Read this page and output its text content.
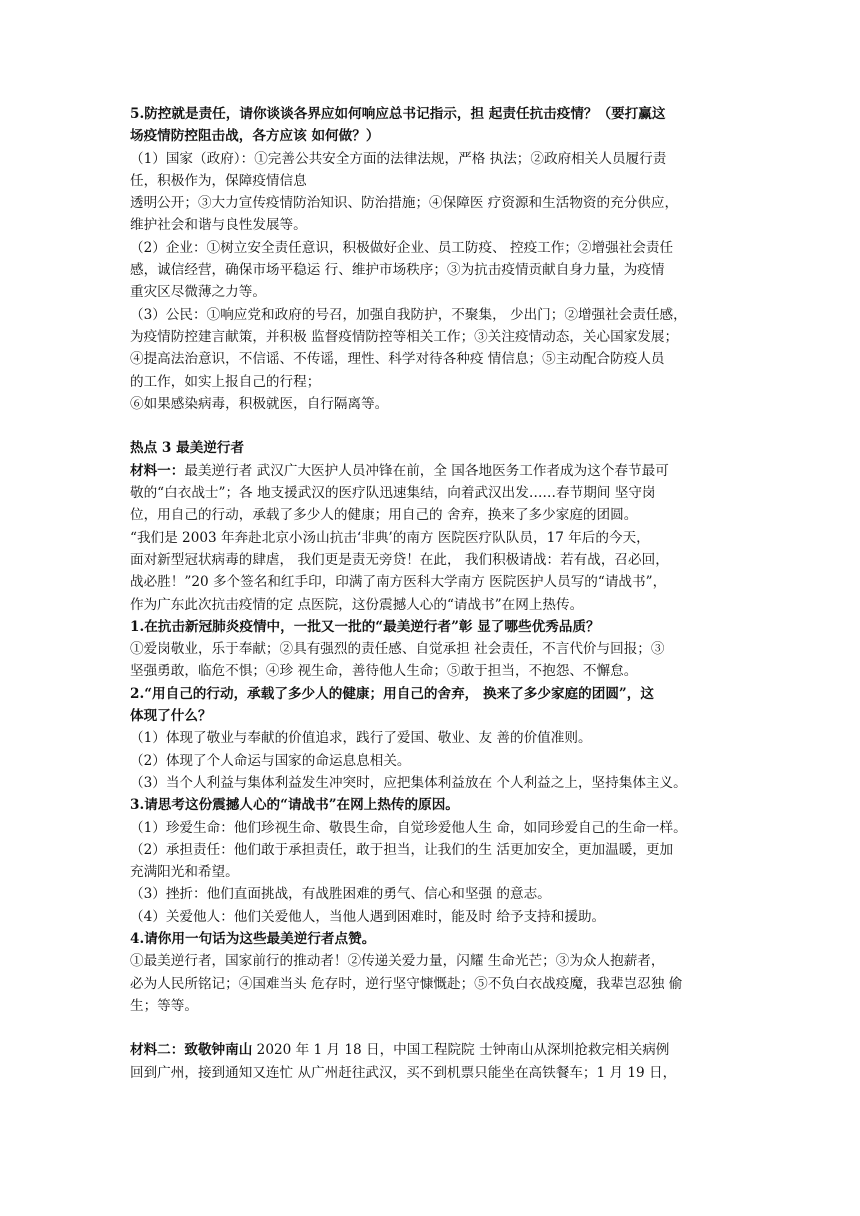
5.防控就是责任，请你谈谈各界应如何响应总书记指示，担 起责任抗击疫情？（要打赢这
场疫情防控阻击战，各方应该 如何做？）
（1）国家（政府）：①完善公共安全方面的法律法规，严格 执法；②政府相关人员履行责
任，积极作为，保障疫情信息
透明公开；③大力宣传疫情防治知识、防治措施；④保障医 疗资源和生活物资的充分供应，
维护社会和谐与良性发展等。
（2）企业：①树立安全责任意识，积极做好企业、员工防疫、 控疫工作；②增强社会责任
感，诚信经营，确保市场平稳运 行、维护市场秩序；③为抗击疫情贡献自身力量，为疫情
重灾区尽微薄之力等。
（3）公民：①响应党和政府的号召，加强自我防护，不聚集， 少出门；②增强社会责任感，
为疫情防控建言献策，并积极 监督疫情防控等相关工作；③关注疫情动态，关心国家发展；
④提高法治意识，不信谣、不传谣，理性、科学对待各种疫 情信息；⑤主动配合防疫人员
的工作，如实上报自己的行程；
⑥如果感染病毒，积极就医，自行隔离等。
热点 3 最美逆行者
材料一：最美逆行者 武汉广大医护人员冲锋在前，全 国各地医务工作者成为这个春节最可
敬的“白衣战士”；各 地支援武汉的医疗队迅速集结，向着武汉出发……春节期间 坚守岗
位，用自己的行动，承载了多少人的健康；用自己的 舍弃，换来了多少家庭的团圆。
“我们是 2003 年奔赴北京小汤山抗击‘非典’的南方 医院医疗队队员，17 年后的今天，
面对新型冠状病毒的肆虐， 我们更是责无旁贷！在此， 我们积极请战：若有战，召必回，
战必胜！”20 多个签名和红手印，印满了南方医科大学南方 医院医护人员写的“请战书”，
作为广东此次抗击疫情的定 点医院，这份震撼人心的“请战书”在网上热传。
1.在抗击新冠肺炎疫情中，一批又一批的“最美逆行者”彰 显了哪些优秀品质？
①爱岗敬业，乐于奉献；②具有强烈的责任感、自觉承担 社会责任，不言代价与回报；③
坚强勇敢，临危不惧；④珍 视生命，善待他人生命；⑤敢于担当，不抱怨、不懈怠。
2.“用自己的行动，承载了多少人的健康；用自己的舍弃， 换来了多少家庭的团圆”，这
体现了什么？
（1）体现了敬业与奉献的价值追求，践行了爱国、敬业、友 善的价值准则。
（2）体现了个人命运与国家的命运息息相关。
（3）当个人利益与集体利益发生冲突时，应把集体利益放在 个人利益之上，坚持集体主义。
3.请思考这份震撼人心的“请战书”在网上热传的原因。
（1）珍爱生命：他们珍视生命、敬畏生命，自觉珍爱他人生 命，如同珍爱自己的生命一样。
（2）承担责任：他们敢于承担责任，敢于担当，让我们的生 活更加安全，更加温暖，更加
充满阳光和希望。
（3）挫折：他们直面挑战，有战胜困难的勇气、信心和坚强 的意志。
（4）关爱他人：他们关爱他人，当他人遇到困难时，能及时 给予支持和援助。
4.请你用一句话为这些最美逆行者点赞。
①最美逆行者，国家前行的推动者！②传递关爱力量，闪耀 生命光芒；③为众人抱薪者，
必为人民所铭记；④国难当头 危存时，逆行坚守慷慨赴；⑤不负白衣战疫魔，我辈岂忍独 偷
生；等等。
材料二：致敬钟南山 2020 年 1 月 18 日，中国工程院院 士钟南山从深圳抢救完相关病例
回到广州，接到通知又连忙 从广州赶往武汉，买不到机票只能坐在高铁餐车；1 月 19 日，
